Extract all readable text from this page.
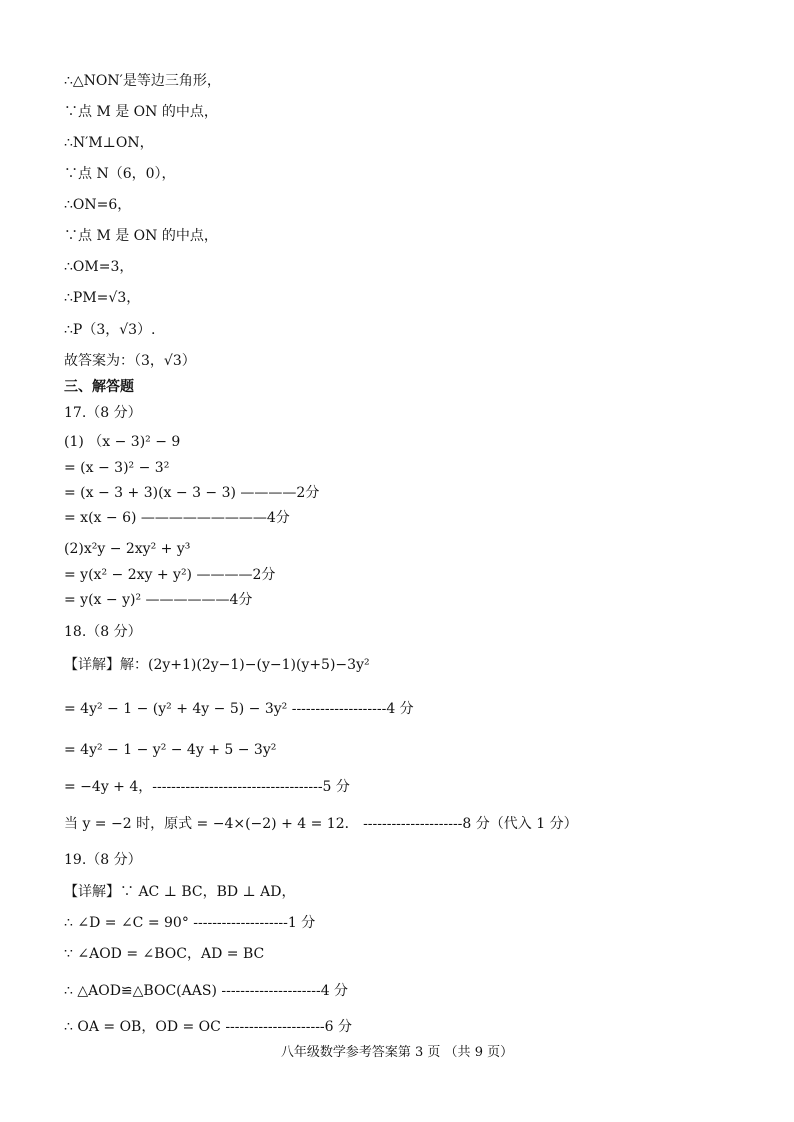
∴△NON′是等边三角形，
∵点 M 是 ON 的中点，
∴N′M⊥ON，
∵点 N（6，0），
∴ON=6，
∵点 M 是 ON 的中点，
∴OM=3，
∴PM=√3，
∴P（3，√3）.
故答案为：（3，√3）
三、解答题
17.（8 分）
(1) （x − 3)² − 9
= (x − 3)² − 3²
= (x − 3 + 3)(x − 3 − 3) ————2分
= x(x − 6) —————————4分
(2)x²y − 2xy² + y³
= y(x² − 2xy + y²) ————2分
= y(x − y)² ——————4分
18.（8 分）
【详解】解：(2y+1)(2y−1)−(y−1)(y+5)−3y²
= 4y² − 1 − (y² + 4y − 5) − 3y² --------------------4 分
= 4y² − 1 − y² − 4y + 5 − 3y²
= −4y + 4，------------------------------------5 分
当 y = −2 时，原式 = −4×(−2) + 4 = 12． ---------------------8 分（代入 1 分）
19.（8 分）
【详解】∵ AC ⊥ BC，BD ⊥ AD，
∴ ∠D = ∠C = 90° --------------------1 分
∵ ∠AOD = ∠BOC，AD = BC
∴ △AOD≌△BOC(AAS) ---------------------4 分
∴ OA = OB，OD = OC ---------------------6 分
八年级数学参考答案第 3 页 （共 9 页）
